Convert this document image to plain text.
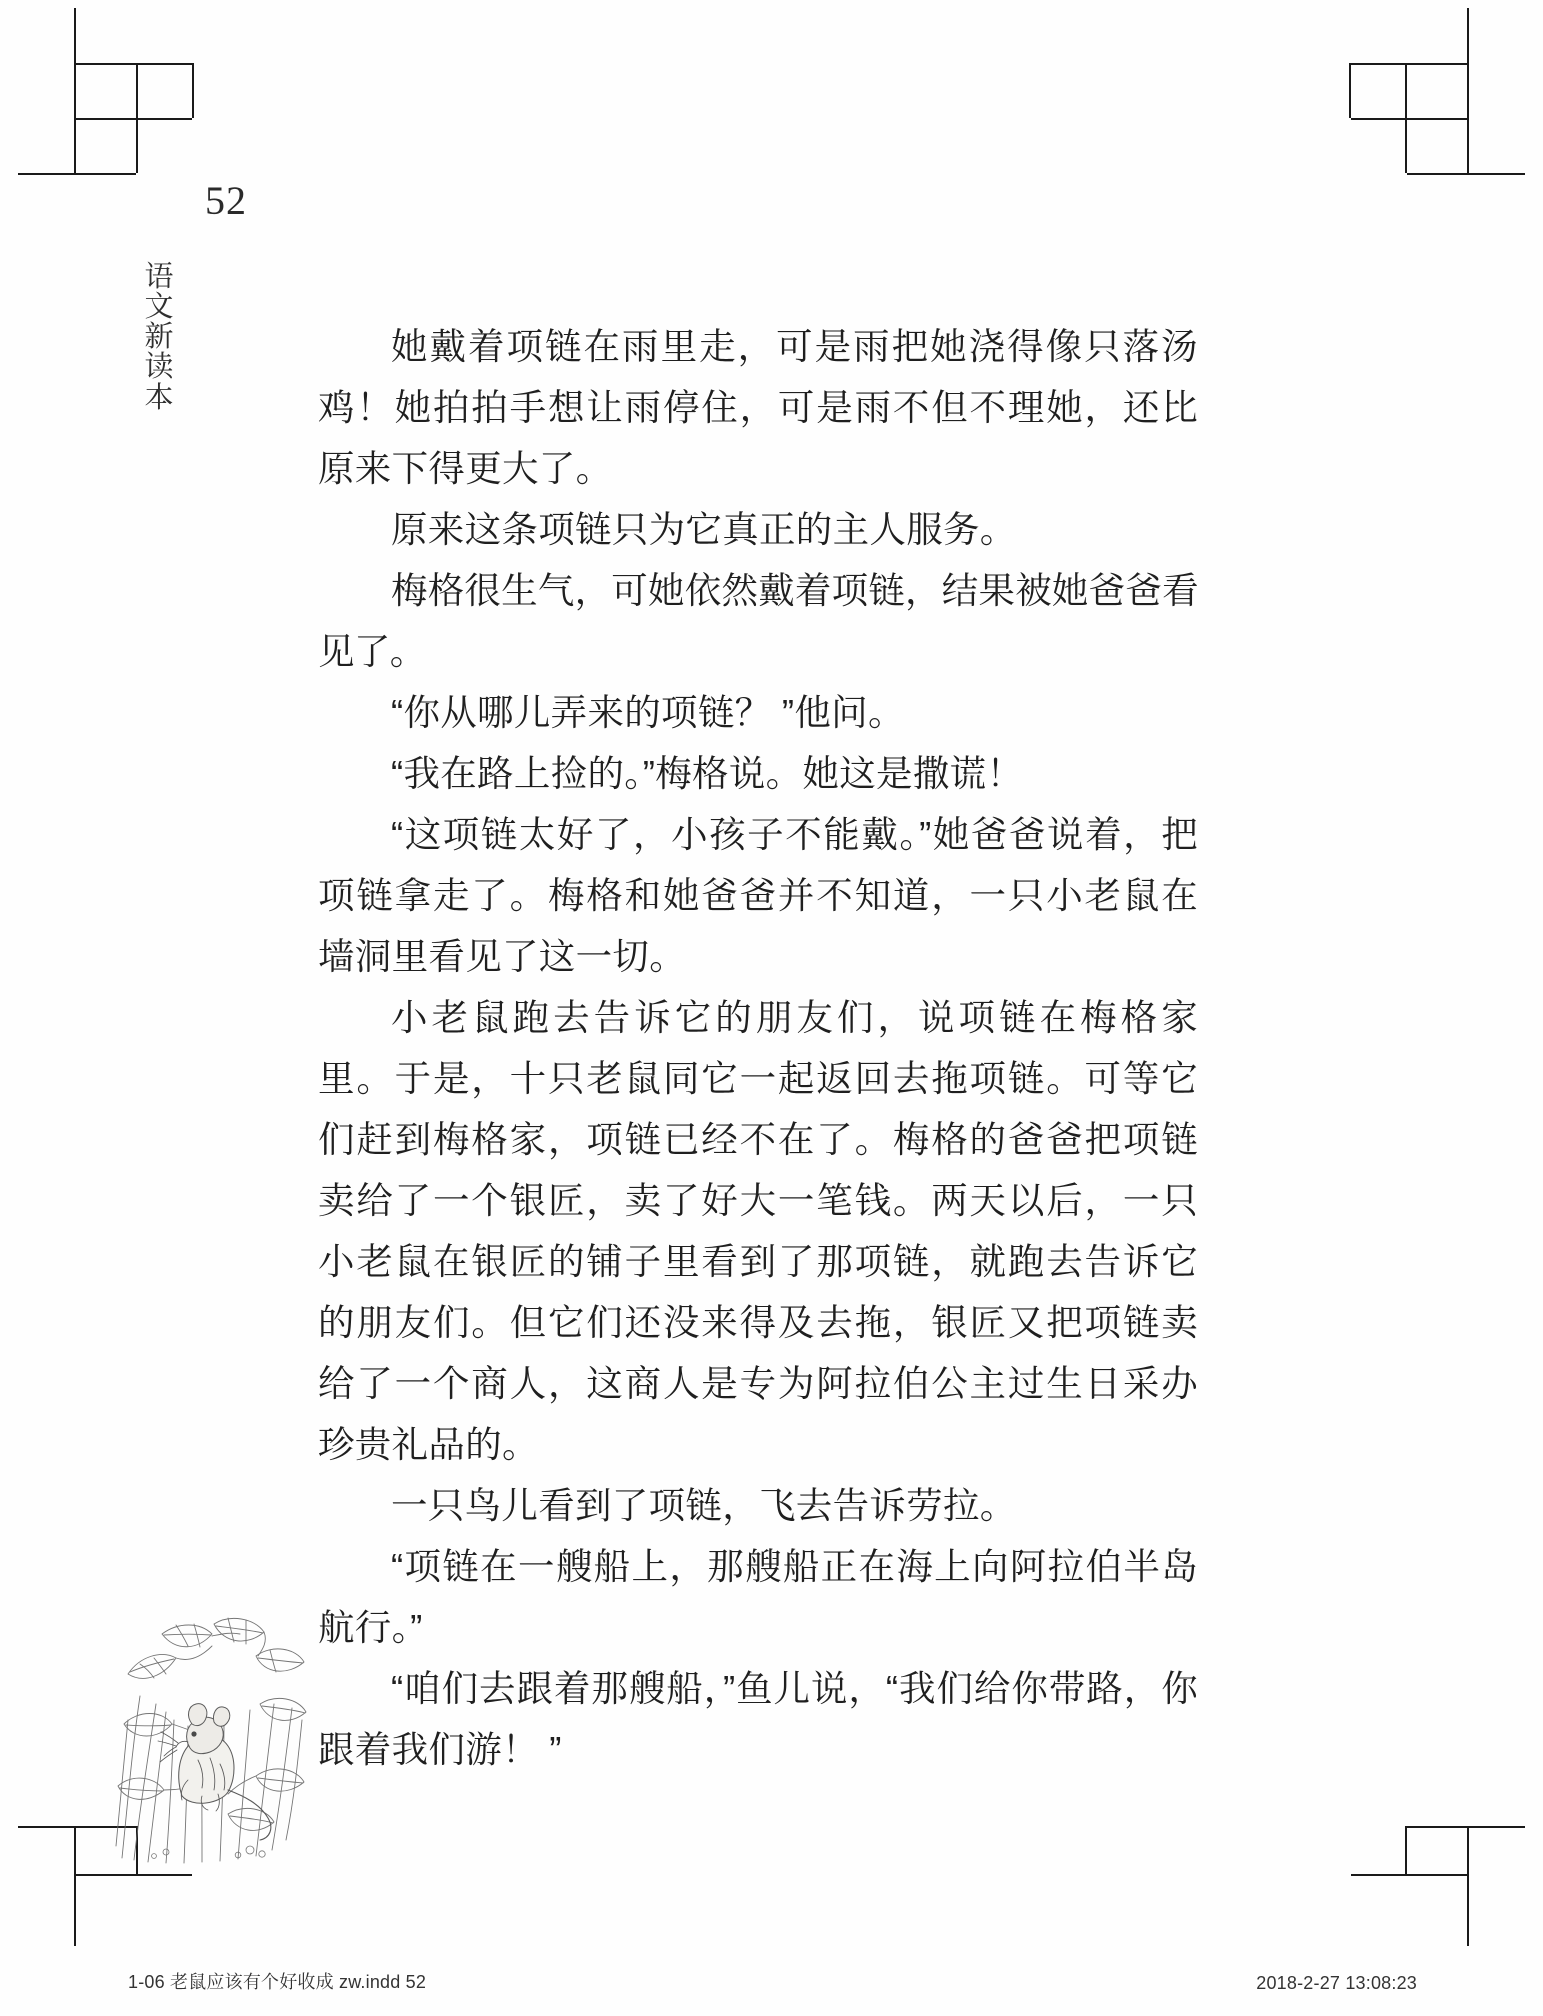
52
语
文
新
读
本

她戴着项链在雨里走，可是雨把她浇得像只落汤鸡！她拍拍手想让雨停住，可是雨不但不理她，还比原来下得更大了。

原来这条项链只为它真正的主人服务。

梅格很生气，可她依然戴着项链，结果被她爸爸看见了。

“你从哪儿弄来的项链？ ”他问。

“我在路上捡的。”梅格说。她这是撒谎！

“这项链太好了，小孩子不能戴。”她爸爸说着，把项链拿走了。梅格和她爸爸并不知道，一只小老鼠在墙洞里看见了这一切。

小老鼠跑去告诉它的朋友们，说项链在梅格家里。于是，十只老鼠同它一起返回去拖项链。可等它们赶到梅格家，项链已经不在了。梅格的爸爸把项链卖给了一个银匠，卖了好大一笔钱。两天以后，一只小老鼠在银匠的铺子里看到了那项链，就跑去告诉它的朋友们。但它们还没来得及去拖，银匠又把项链卖给了一个商人，这商人是专为阿拉伯公主过生日采办珍贵礼品的。

一只鸟儿看到了项链，飞去告诉劳拉。

“项链在一艘船上，那艘船正在海上向阿拉伯半岛航行。”

“咱们去跟着那艘船，”鱼儿说，“我们给你带路，你跟着我们游！ ”

1-06 老鼠应该有个好收成 zw.indd 52	2018-2-27 13:08:23
